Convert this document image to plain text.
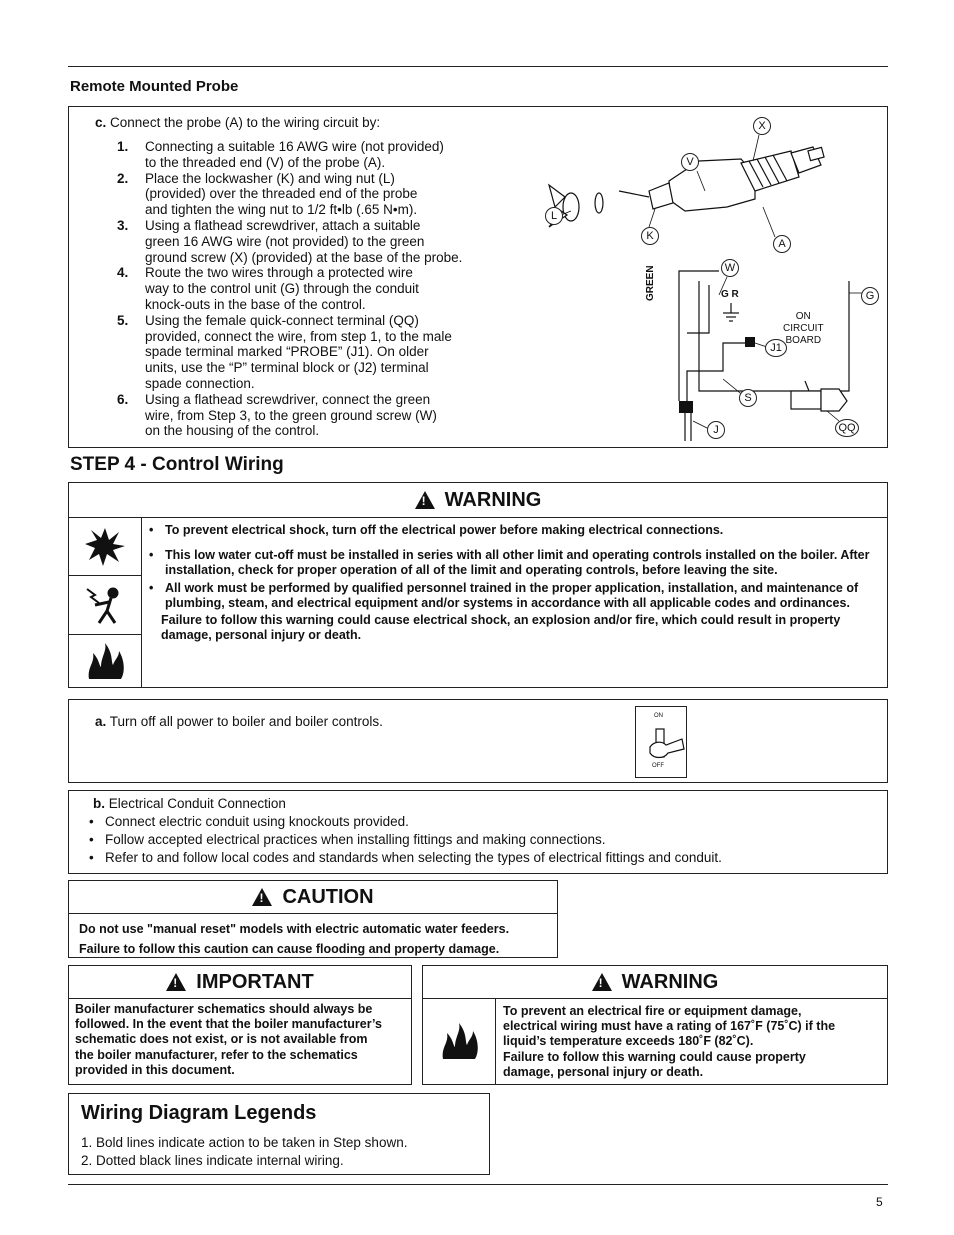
Remote Mounted Probe
c. Connect the probe (A) to the wiring circuit by:
1. Connecting a suitable 16 AWG wire (not provided)
to the threaded end (V) of the probe (A).
2. Place the lockwasher (K) and wing nut (L)
(provided) over the threaded end of the probe
and tighten the wing nut to 1/2 ft•lb (.65 N•m).
3. Using a flathead screwdriver, attach a suitable
green 16 AWG wire (not provided) to the green
ground screw (X) (provided) at the base of the probe.
4. Route the two wires through a protected wire
way to the control unit (G) through the conduit
knock-outs in the base of the control.
5. Using the female quick-connect terminal (QQ)
provided, connect the wire, from step 1, to the male
spade terminal marked “PROBE” (J1). On older
units, use the “P” terminal block or (J2) terminal
spade connection.
6. Using a flathead screwdriver, connect the green
wire, from Step 3, to the green ground screw (W)
on the housing of the control.
X
V
L
K
A
W
G
J1
S
J	QQ
GREEN	G R
ON
CIRCUIT
BOARD
STEP 4 - Control Wiring
!
WARNING
• To prevent electrical shock, turn off the electrical power before making electrical connections.
• This low water cut-off must be installed in series with all other limit and operating controls installed on the boiler. After installation, check for proper operation of all of the limit and operating controls, before leaving the site.
• All work must be performed by qualified personnel trained in the proper application, installation, and maintenance of plumbing, steam, and electrical equipment and/or systems in accordance with all applicable codes and ordinances.
Failure to follow this warning could cause electrical shock, an explosion and/or fire, which could result in property damage, personal injury or death.
a. Turn off all power to boiler and boiler controls.	ON
OFF
b. Electrical Conduit Connection
• Connect electric conduit using knockouts provided.
• Follow accepted electrical practices when installing fittings and making connections.
• Refer to and follow local codes and standards when selecting the types of electrical fittings and conduit.
!
CAUTION
Do not use "manual reset" models with electric automatic water feeders.
Failure to follow this caution can cause flooding and property damage.
!
IMPORTANT
Boiler manufacturer schematics should always be
followed. In the event that the boiler manufacturer’s
schematic does not exist, or is not available from
the boiler manufacturer, refer to the schematics
provided in this document.
!
WARNING
To prevent an electrical fire or equipment damage,
electrical wiring must have a rating of 167˚F (75˚C) if the
liquid’s temperature exceeds 180˚F (82˚C).
Failure to follow this warning could cause property
damage, personal injury or death.
Wiring Diagram Legends
1. Bold lines indicate action to be taken in Step shown.
2. Dotted black lines indicate internal wiring.
5
